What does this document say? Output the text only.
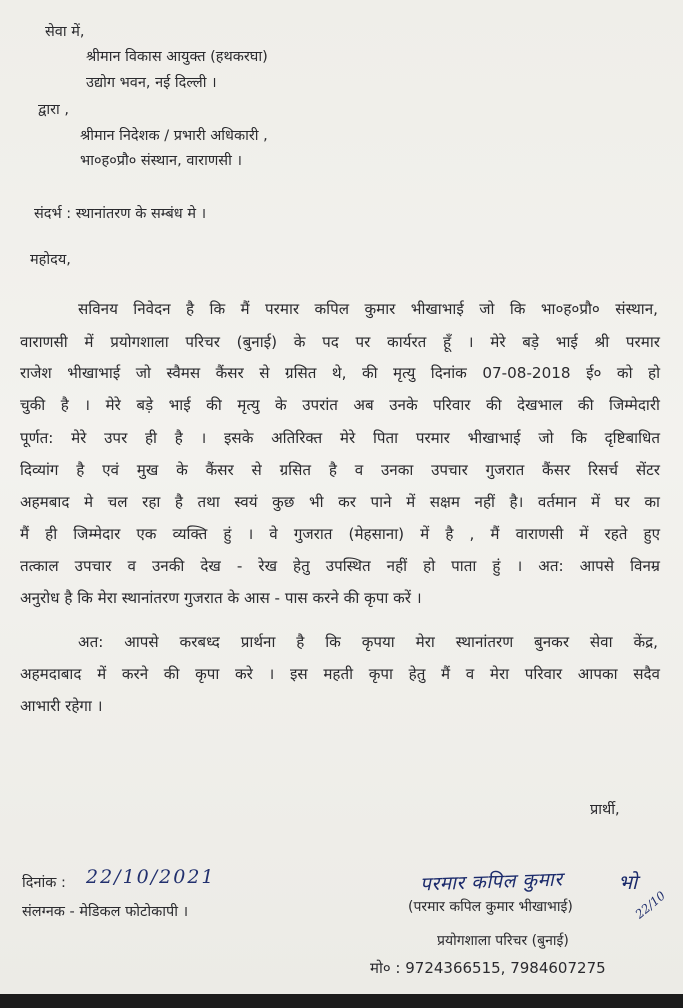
सेवा में,
श्रीमान विकास आयुक्त (हथकरघा)
उद्योग भवन, नई दिल्ली ।
द्वारा ,
श्रीमान निदेशक / प्रभारी अधिकारी ,
भा०ह०प्रौ० संस्थान, वाराणसी ।
संदर्भ : स्थानांतरण के सम्बंध मे ।
महोदय,
सविनय निवेदन है कि मैं परमार कपिल कुमार भीखाभाई जो कि भा०ह०प्रौ० संस्थान,
वाराणसी में प्रयोगशाला परिचर (बुनाई) के पद पर कार्यरत हूँ । मेरे बड़े भाई श्री परमार
राजेश भीखाभाई जो स्वैमस कैंसर से ग्रसित थे, की मृत्यु दिनांक 07-08-2018 ई० को हो
चुकी है । मेरे बड़े भाई की मृत्यु के उपरांत अब उनके परिवार की देखभाल की जिम्मेदारी
पूर्णत: मेरे उपर ही है । इसके अतिरिक्त मेरे पिता परमार भीखाभाई जो कि दृष्टिबाधित
दिव्यांग है एवं मुख के कैंसर से ग्रसित है व उनका उपचार गुजरात कैंसर रिसर्च सेंटर
अहमबाद मे चल रहा है तथा स्वयं कुछ भी कर पाने में सक्षम नहीं है। वर्तमान में घर का
मैं ही जिम्मेदार एक व्यक्ति हुं । वे गुजरात (मेहसाना) में है , मैं वाराणसी में रहते हुए
तत्काल उपचार व उनकी देख - रेख हेतु उपस्थित नहीं हो पाता हुं । अत: आपसे विनम्र
अनुरोध है कि मेरा स्थानांतरण गुजरात के आस - पास करने की कृपा करें ।
अत: आपसे करबध्द प्रार्थना है कि कृपया मेरा स्थानांतरण बुनकर सेवा केंद्र,
अहमदाबाद में करने की कृपा करे । इस महती कृपा हेतु मैं व मेरा परिवार आपका सदैव
आभारी रहेगा ।
प्रार्थी,
दिनांक : 22/10/2021
संलग्नक - मेडिकल फोटोकापी ।
परमार कपिल कुमार	भो
22/10
(परमार कपिल कुमार भीखाभाई)
प्रयोगशाला परिचर (बुनाई)
मो० : 9724366515, 7984607275
